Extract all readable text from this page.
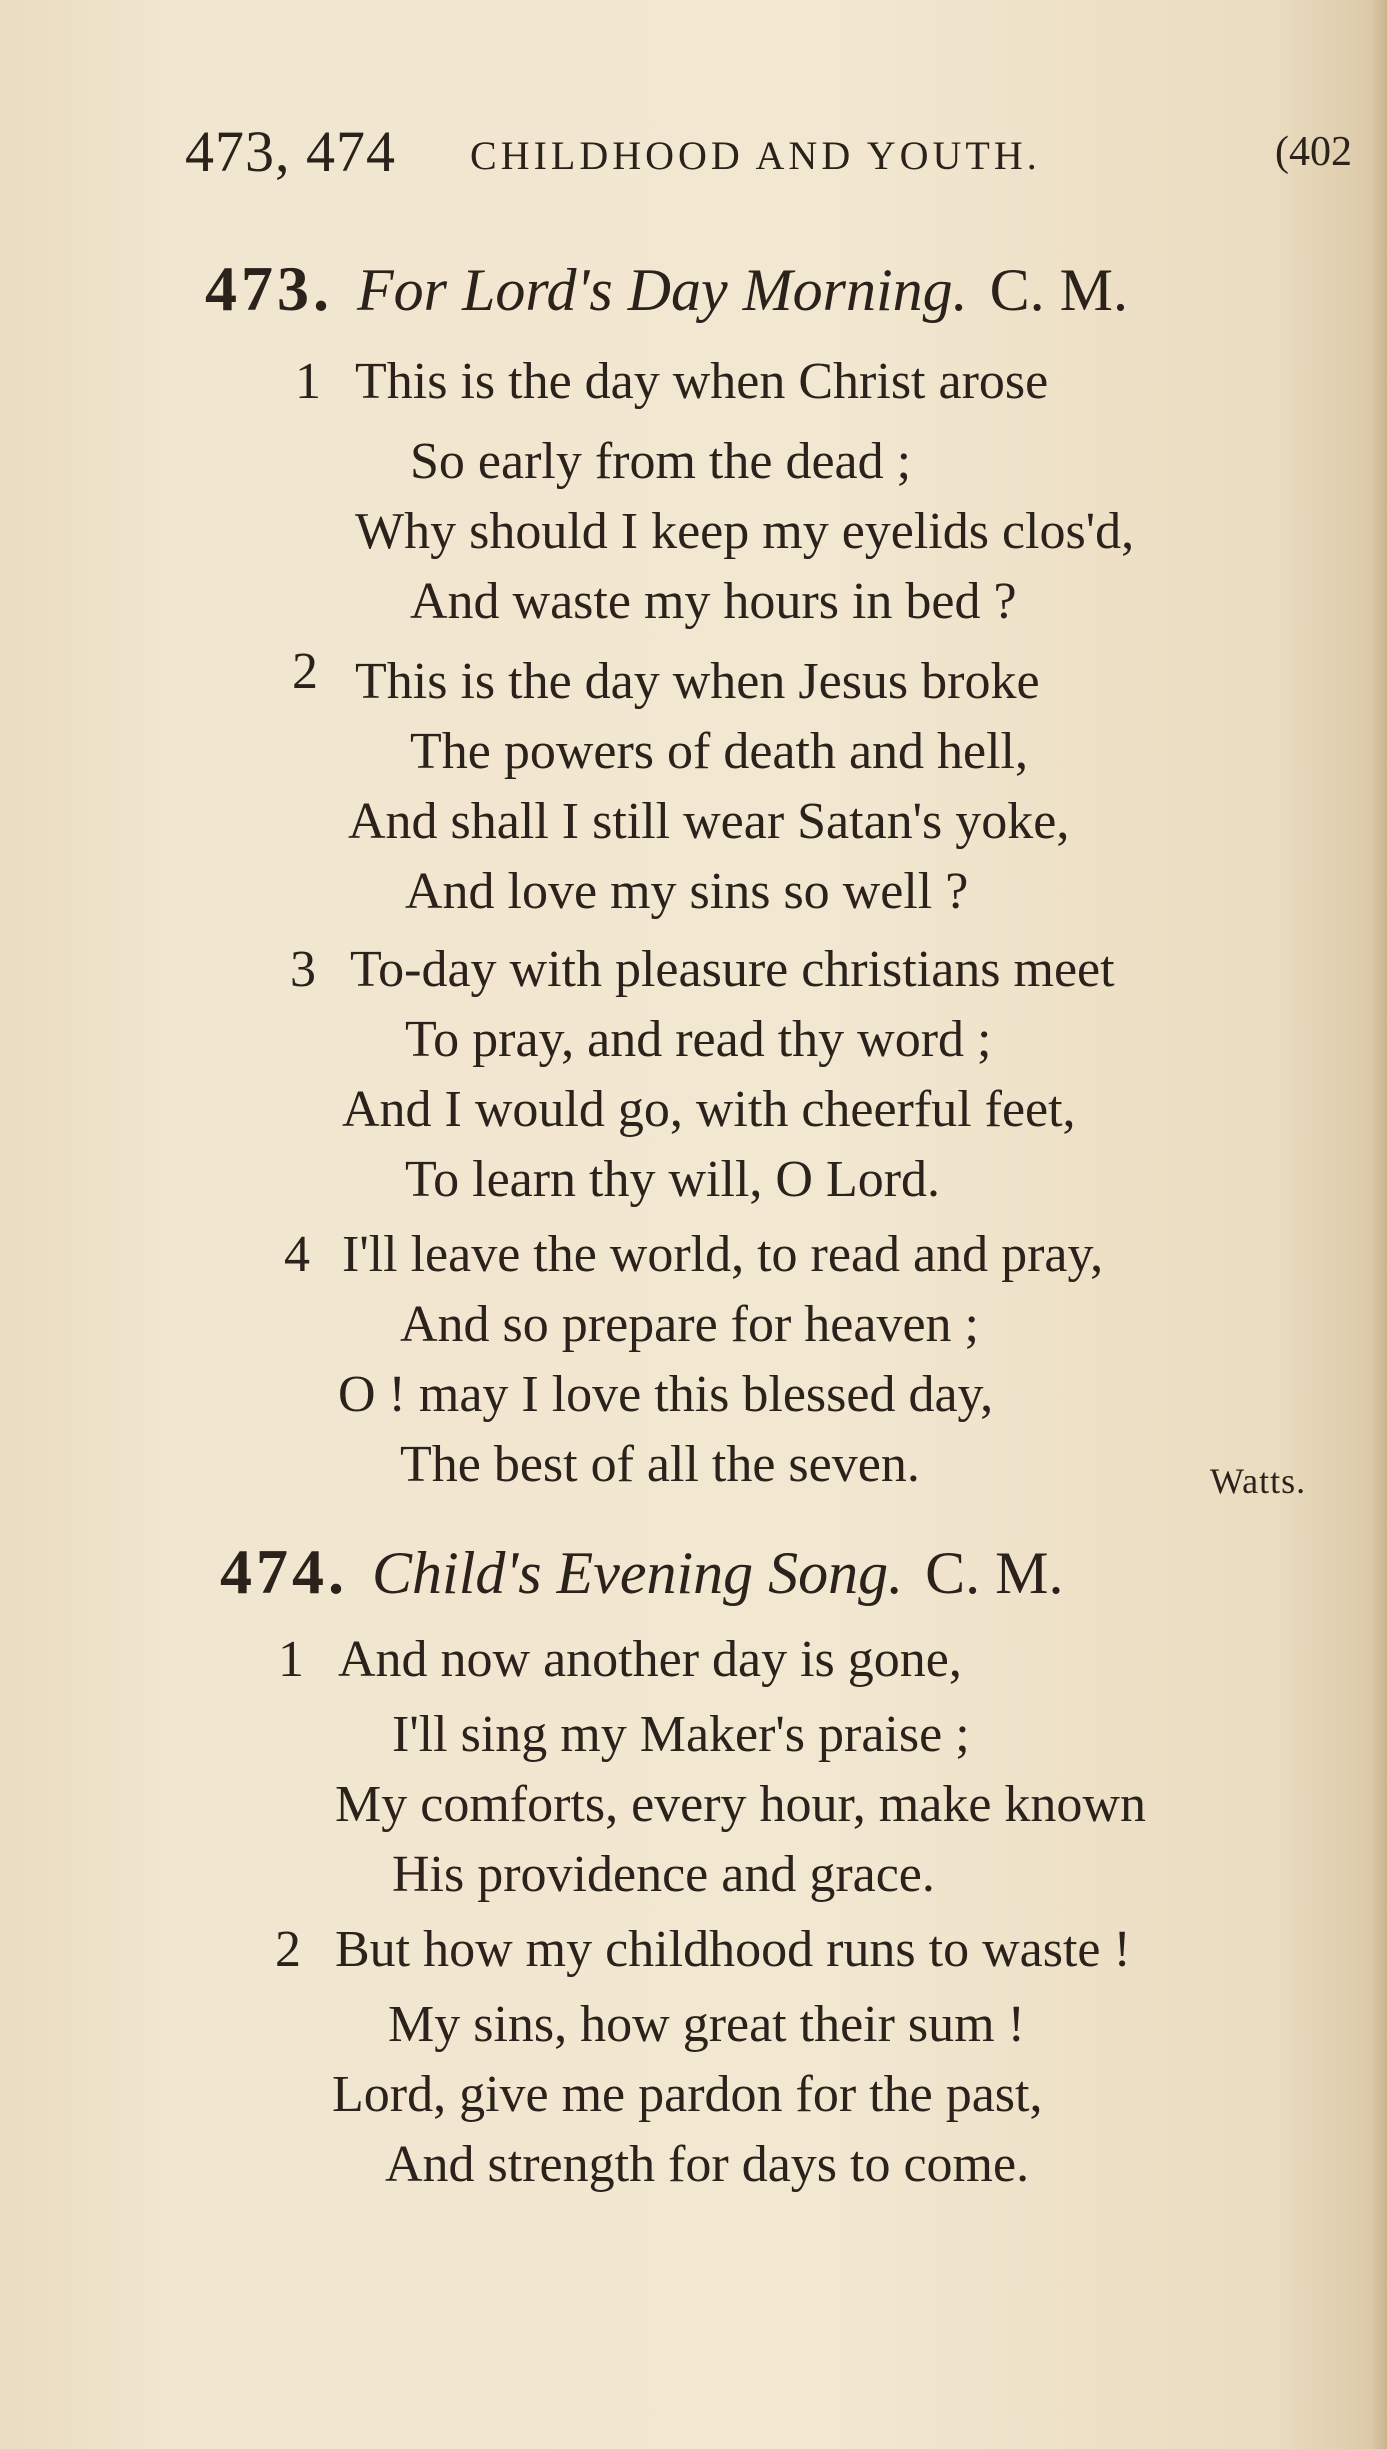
473, 474 CHILDHOOD AND YOUTH.	(402
473. For Lord's Day Morning. C. M.
1 This is the day when Christ arose
So early from the dead ;
Why should I keep my eyelids clos'd,
And waste my hours in bed ?
2 This is the day when Jesus broke
The powers of death and hell,
And shall I still wear Satan's yoke,
And love my sins so well ?
3 To-day with pleasure christians meet
To pray, and read thy word ;
And I would go, with cheerful feet,
To learn thy will, O Lord.
4 I'll leave the world, to read and pray,
And so prepare for heaven ;
O ! may I love this blessed day,
The best of all the seven.	Watts.
474. Child's Evening Song. C. M.
1 And now another day is gone,
I'll sing my Maker's praise ;
My comforts, every hour, make known
His providence and grace.
2 But how my childhood runs to waste !
My sins, how great their sum !
Lord, give me pardon for the past,
And strength for days to come.
